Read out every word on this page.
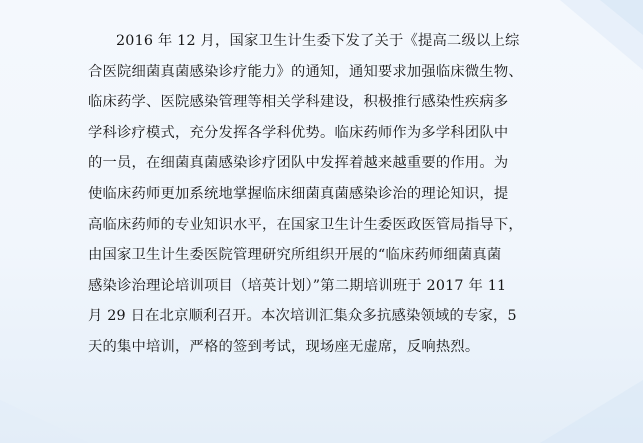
2016 年 12 月，国家卫生计生委下发了关于《提高二级以上综
合医院细菌真菌感染诊疗能力》的通知，通知要求加强临床微生物、
临床药学、医院感染管理等相关学科建设，积极推行感染性疾病多
学科诊疗模式，充分发挥各学科优势。临床药师作为多学科团队中
的一员，在细菌真菌感染诊疗团队中发挥着越来越重要的作用。为
使临床药师更加系统地掌握临床细菌真菌感染诊治的理论知识，提
高临床药师的专业知识水平，在国家卫生计生委医政医管局指导下，
由国家卫生计生委医院管理研究所组织开展的“临床药师细菌真菌
感染诊治理论培训项目（培英计划）”第二期培训班于 2017 年 11
月 29 日在北京顺利召开。本次培训汇集众多抗感染领域的专家，5
天的集中培训，严格的签到考试，现场座无虚席，反响热烈。
